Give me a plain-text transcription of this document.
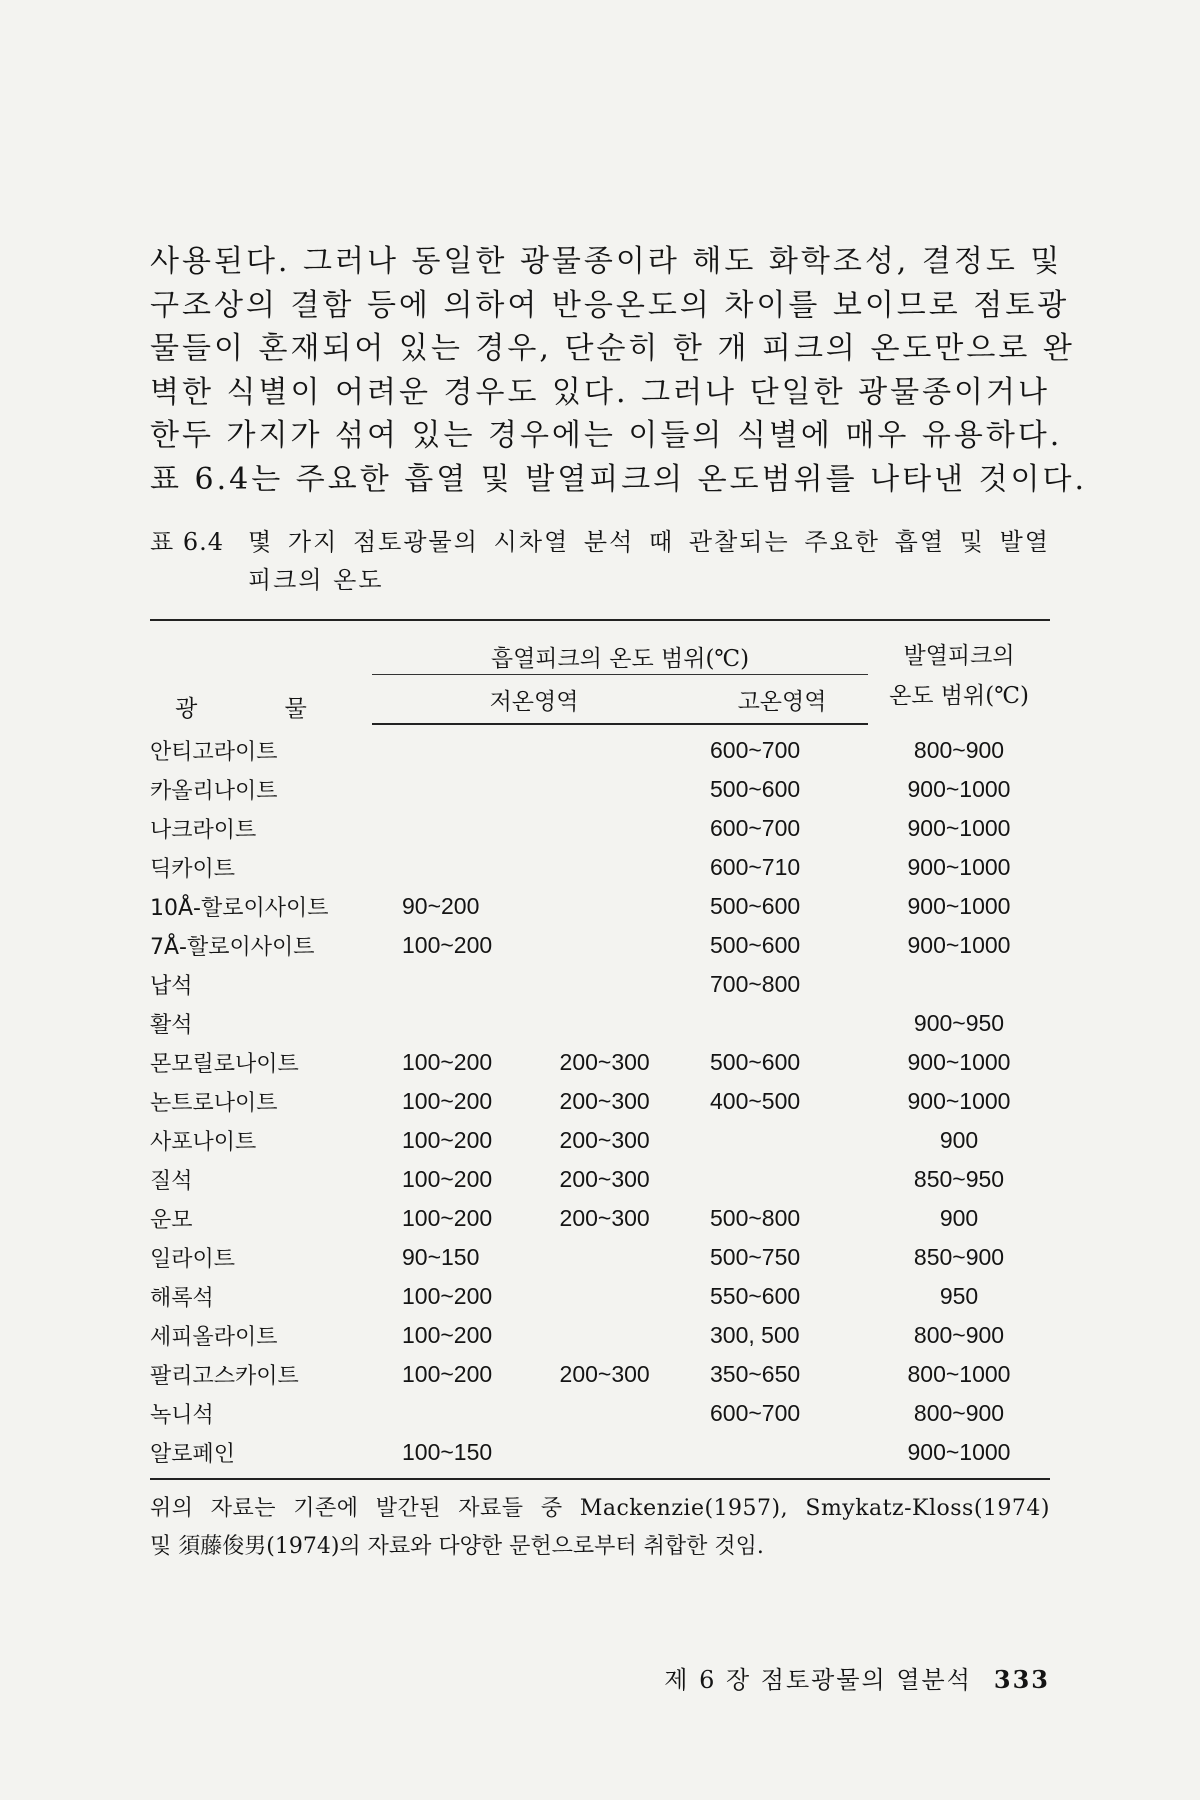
사용된다. 그러나 동일한 광물종이라 해도 화학조성, 결정도 및

구조상의 결함 등에 의하여 반응온도의 차이를 보이므로 점토광

물들이 혼재되어 있는 경우, 단순히 한 개 피크의 온도만으로 완

벽한 식별이 어려운 경우도 있다. 그러나 단일한 광물종이거나

한두 가지가 섞여 있는 경우에는 이들의 식별에 매우 유용하다.

표 6.4는 주요한 흡열 및 발열피크의 온도범위를 나타낸 것이다.

표 6.4	몇 가지 점토광물의 시차열 분석 때 관찰되는 주요한 흡열 및 발열
피크의 온도
광 물	흡열피크의 온도 범위(℃)			발열피크의
온도 범위(℃)

	저온영역		고온영역	
안티고라이트			600~700	800~900
카올리나이트			500~600	900~1000
나크라이트			600~700	900~1000
딕카이트			600~710	900~1000
10Å-할로이사이트	90~200		500~600	900~1000
7Å-할로이사이트	100~200		500~600	900~1000
납석			700~800	
활석				900~950
몬모릴로나이트	100~200	200~300	500~600	900~1000
논트로나이트	100~200	200~300	400~500	900~1000
사포나이트	100~200	200~300		900
질석	100~200	200~300		850~950
운모	100~200	200~300	500~800	900
일라이트	90~150		500~750	850~900
해록석	100~200		550~600	950
세피올라이트	100~200		300, 500	800~900
팔리고스카이트	100~200	200~300	350~650	800~1000
녹니석			600~700	800~900
알로페인	100~150			900~1000
위의 자료는 기존에 발간된 자료들 중 Mackenzie(1957), Smykatz-Kloss(1974)
및 須藤俊男(1974)의 자료와 다양한 문헌으로부터 취합한 것임.
제 6 장 점토광물의 열분석 333
